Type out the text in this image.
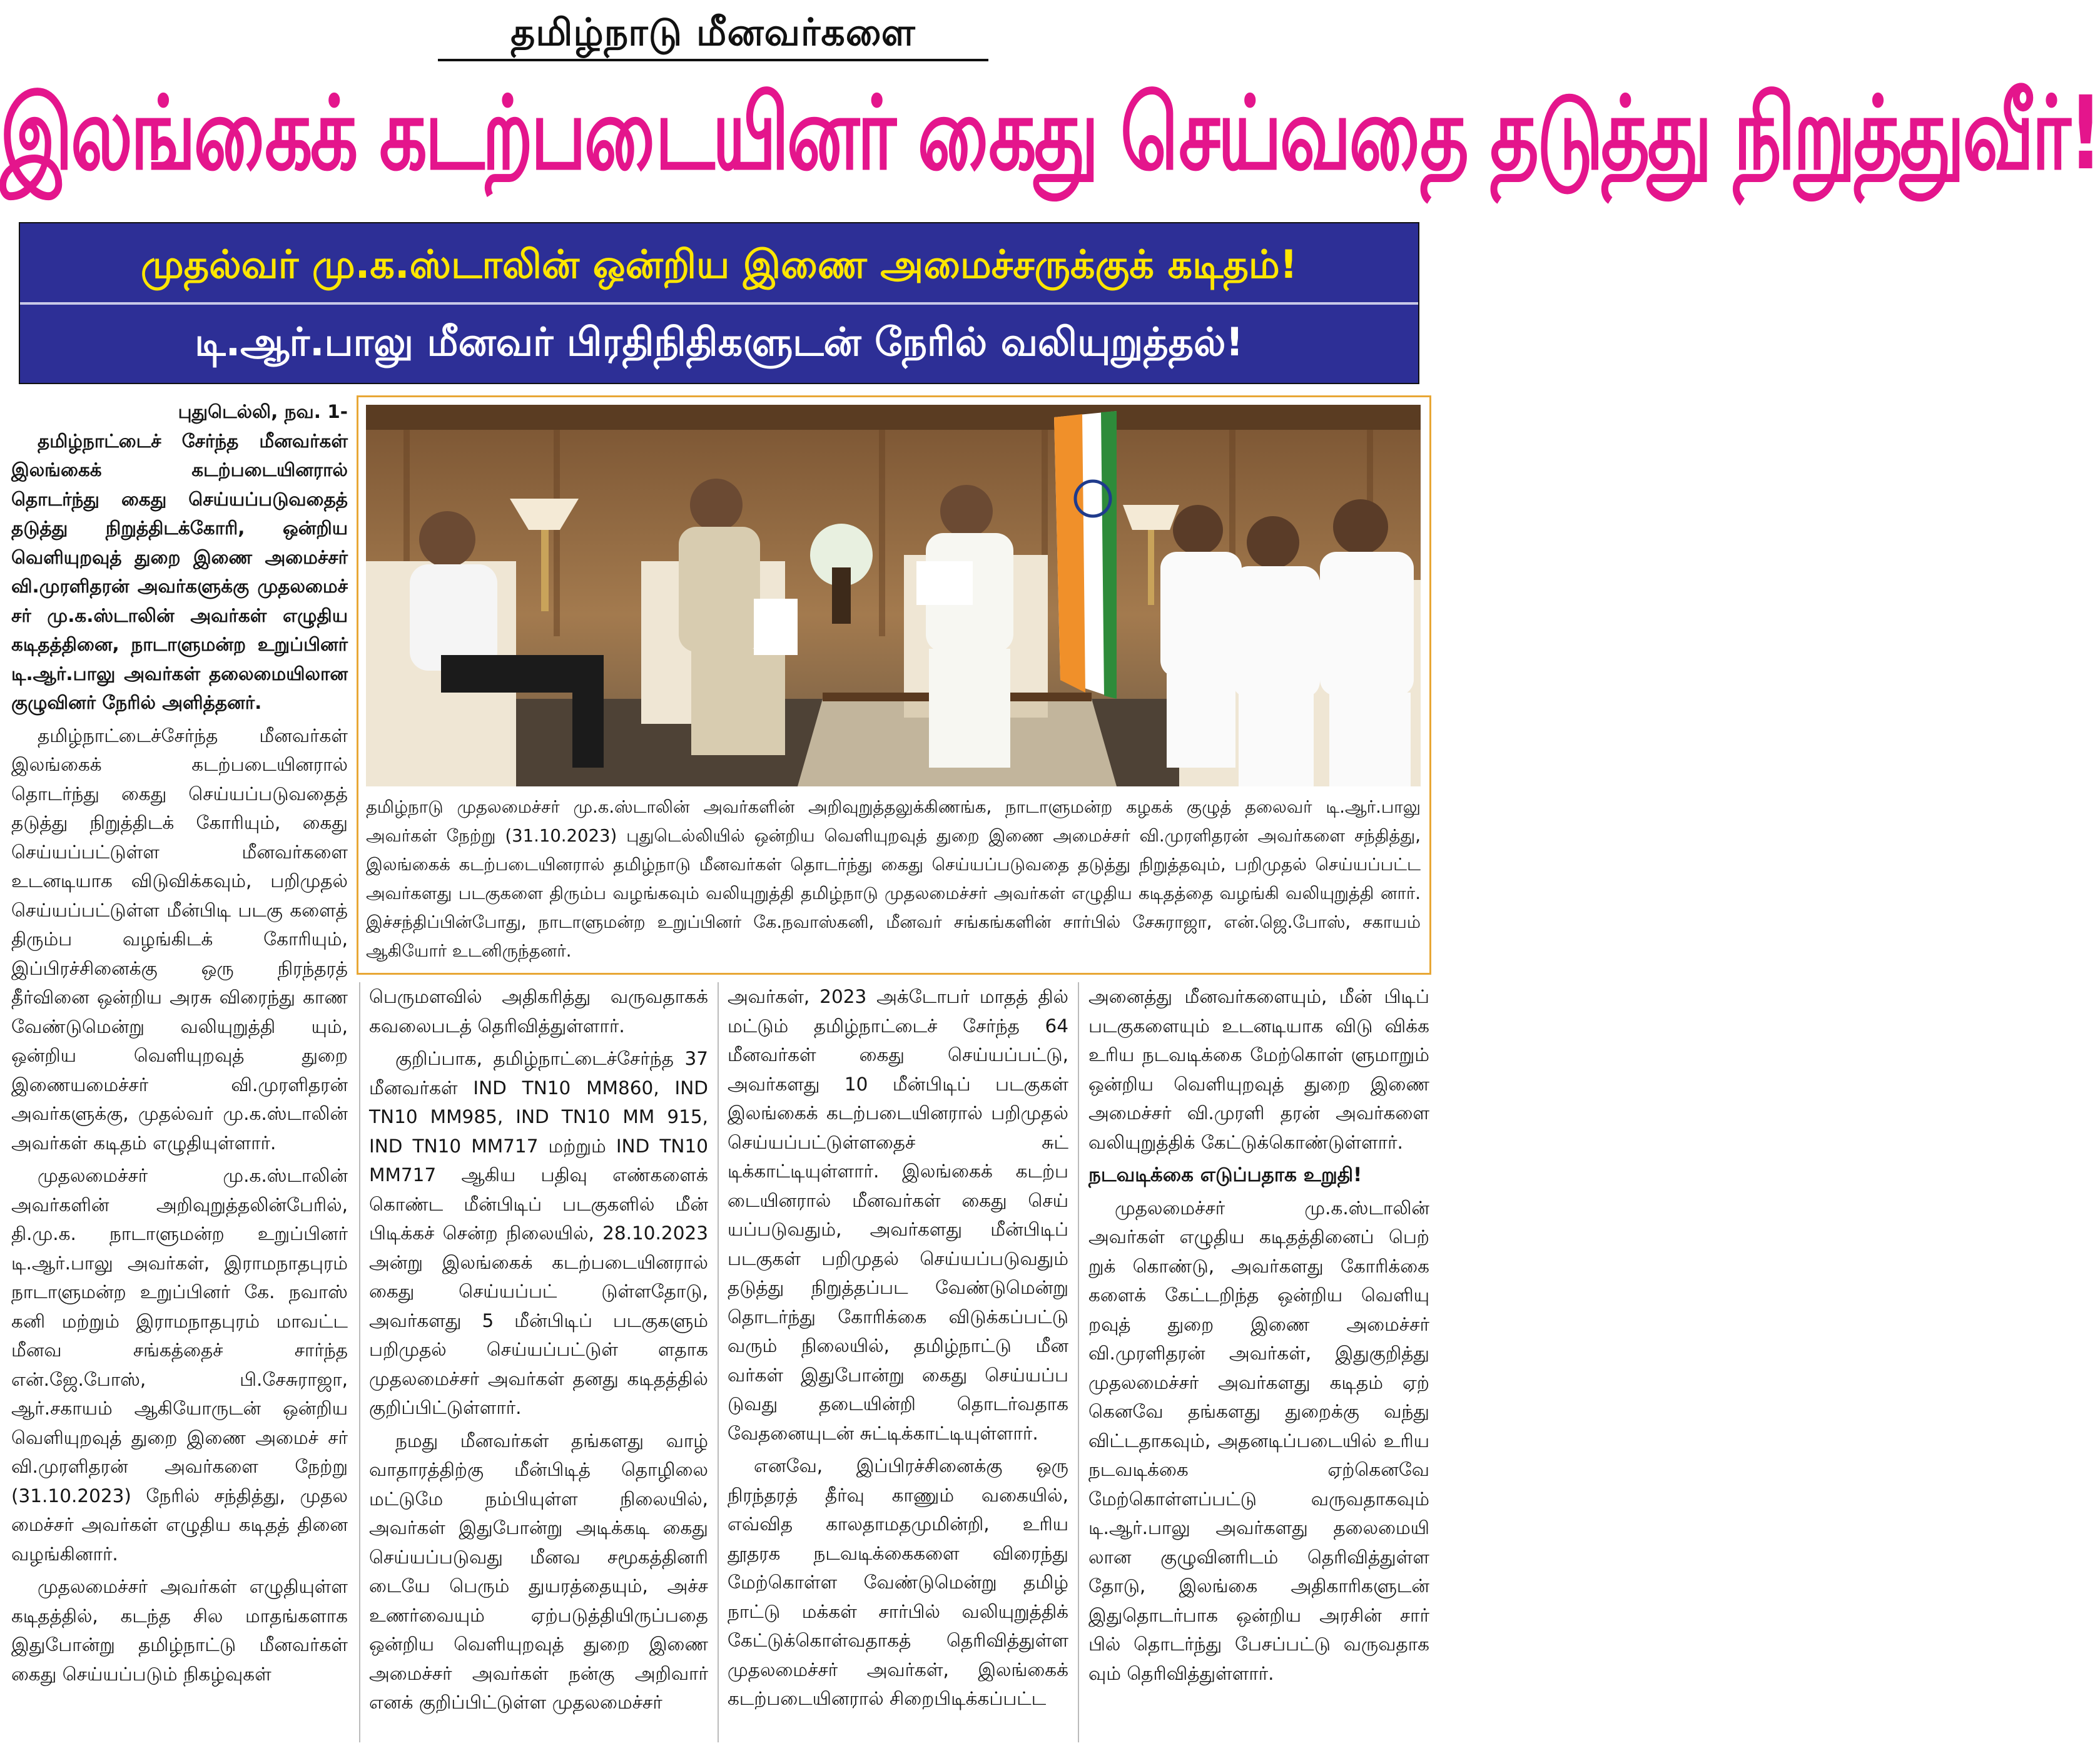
தமிழ்நாடு மீனவர்களை
இலங்கைக் கடற்படையினர் கைது செய்வதை தடுத்து நிறுத்துவீர்!
முதல்வர் மு.க.ஸ்டாலின் ஒன்றிய இணை அமைச்சருக்குக் கடிதம்!
டி.ஆர்.பாலு மீனவர் பிரதிநிதிகளுடன் நேரில் வலியுறுத்தல்!
புதுடெல்லி, நவ. 1-

தமிழ்நாட்டைச் சேர்ந்த மீனவர்கள் இலங்கைக் கடற்படையினரால் தொடர்ந்து கைது செய்யப்படுவதைத் தடுத்து நிறுத்திடக்கோரி, ஒன்றிய வெளியுறவுத் துறை இணை அமைச்சர் வி.முரளிதரன் அவர்களுக்கு முதலமைச் சர் மு.க.ஸ்டாலின் அவர்கள் எழுதிய கடிதத்தினை, நாடாளுமன்ற உறுப்பினர் டி.ஆர்.பாலு அவர்கள் தலைமையிலான குழுவினர் நேரில் அளித்தனர்.

தமிழ்நாட்டைச்சேர்ந்த மீனவர்கள் இலங்கைக் கடற்படையினரால் தொடர்ந்து கைது செய்யப்படுவதைத் தடுத்து நிறுத்திடக் கோரியும், கைது செய்யப்பட்டுள்ள மீனவர்களை உடனடியாக விடுவிக்கவும், பறிமுதல் செய்யப்பட்டுள்ள மீன்பிடி படகு களைத் திரும்ப வழங்கிடக் கோரியும், இப்பிரச்சினைக்கு ஒரு நிரந்தரத் தீர்வினை ஒன்றிய அரசு விரைந்து காண வேண்டுமென்று வலியுறுத்தி யும், ஒன்றிய வெளியுறவுத் துறை இணையமைச்சர் வி.முரளிதரன் அவர்களுக்கு, முதல்வர் மு.க.ஸ்டாலின் அவர்கள் கடிதம் எழுதியுள்ளார்.

முதலமைச்சர் மு.க.ஸ்டாலின் அவர்களின் அறிவுறுத்தலின்பேரில், தி.மு.க. நாடாளுமன்ற உறுப்பினர் டி.ஆர்.பாலு அவர்கள், இராமநாதபுரம் நாடாளுமன்ற உறுப்பினர் கே. நவாஸ் கனி மற்றும் இராமநாதபுரம் மாவட்ட மீனவ சங்கத்தைச் சார்ந்த என்.ஜே.போஸ், பி.சேசுராஜா, ஆர்.சகாயம் ஆகியோருடன் ஒன்றிய வெளியுறவுத் துறை இணை அமைச் சர் வி.முரளிதரன் அவர்களை நேற்று (31.10.2023) நேரில் சந்தித்து, முதல மைச்சர் அவர்கள் எழுதிய கடிதத் தினை வழங்கினார்.

முதலமைச்சர் அவர்கள் எழுதியுள்ள கடிதத்தில், கடந்த சில மாதங்களாக இதுபோன்று தமிழ்நாட்டு மீனவர்கள் கைது செய்யப்படும் நிகழ்வுகள்

தமிழ்நாடு முதலமைச்சர் மு.க.ஸ்டாலின் அவர்களின் அறிவுறுத்தலுக்கிணங்க, நாடாளுமன்ற கழகக் குழுத் தலைவர் டி.ஆர்.பாலு அவர்கள் நேற்று (31.10.2023) புதுடெல்லியில் ஒன்றிய வெளியுறவுத் துறை இணை அமைச்சர் வி.முரளிதரன் அவர்களை சந்தித்து, இலங்கைக் கடற்படையினரால் தமிழ்நாடு மீனவர்கள் தொடர்ந்து கைது செய்யப்படுவதை தடுத்து நிறுத்தவும், பறிமுதல் செய்யப்பட்ட அவர்களது படகுகளை திரும்ப வழங்கவும் வலியுறுத்தி தமிழ்நாடு முதலமைச்சர் அவர்கள் எழுதிய கடிதத்தை வழங்கி வலியுறுத்தி னார். இச்சந்திப்பின்போது, நாடாளுமன்ற உறுப்பினர் கே.நவாஸ்கனி, மீனவர் சங்கங்களின் சார்பில் சேசுராஜா, என்.ஜெ.போஸ், சகாயம் ஆகியோர் உடனிருந்தனர்.

பெருமளவில் அதிகரித்து வருவதாகக் கவலைபடத் தெரிவித்துள்ளார்.

குறிப்பாக, தமிழ்நாட்டைச்சேர்ந்த 37 மீனவர்கள் IND TN10 MM860, IND TN10 MM985, IND TN10 MM 915, IND TN10 MM717 மற்றும் IND TN10 MM717 ஆகிய பதிவு எண்களைக் கொண்ட மீன்பிடிப் படகுகளில் மீன் பிடிக்கச் சென்ற நிலையில், 28.10.2023 அன்று இலங்கைக் கடற்படையினரால் கைது செய்யப்பட் டுள்ளதோடு, அவர்களது 5 மீன்பிடிப் படகுகளும் பறிமுதல் செய்யப்பட்டுள் ளதாக முதலமைச்சர் அவர்கள் தனது கடிதத்தில் குறிப்பிட்டுள்ளார்.

நமது மீனவர்கள் தங்களது வாழ் வாதாரத்திற்கு மீன்பிடித் தொழிலை மட்டுமே நம்பியுள்ள நிலையில், அவர்கள் இதுபோன்று அடிக்கடி கைது செய்யப்படுவது மீனவ சமூகத்தினரி டையே பெரும் துயரத்தையும், அச்ச உணர்வையும் ஏற்படுத்தியிருப்பதை ஒன்றிய வெளியுறவுத் துறை இணை அமைச்சர் அவர்கள் நன்கு அறிவார் எனக் குறிப்பிட்டுள்ள முதலமைச்சர்

அவர்கள், 2023 அக்டோபர் மாதத் தில் மட்டும் தமிழ்நாட்டைச் சேர்ந்த 64 மீனவர்கள் கைது செய்யப்பட்டு, அவர்களது 10 மீன்பிடிப் படகுகள் இலங்கைக் கடற்படையினரால் பறிமுதல் செய்யப்பட்டுள்ளதைச் சுட் டிக்காட்டியுள்ளார். இலங்கைக் கடற்ப டையினரால் மீனவர்கள் கைது செய் யப்படுவதும், அவர்களது மீன்பிடிப் படகுகள் பறிமுதல் செய்யப்படுவதும் தடுத்து நிறுத்தப்பட வேண்டுமென்று தொடர்ந்து கோரிக்கை விடுக்கப்பட்டு வரும் நிலையில், தமிழ்நாட்டு மீன வர்கள் இதுபோன்று கைது செய்யப்ப டுவது தடையின்றி தொடர்வதாக வேதனையுடன் சுட்டிக்காட்டியுள்ளார்.

எனவே, இப்பிரச்சினைக்கு ஒரு நிரந்தரத் தீர்வு காணும் வகையில், எவ்வித காலதாமதமுமின்றி, உரிய தூதரக நடவடிக்கைகளை விரைந்து மேற்கொள்ள வேண்டுமென்று தமிழ் நாட்டு மக்கள் சார்பில் வலியுறுத்திக் கேட்டுக்கொள்வதாகத் தெரிவித்துள்ள முதலமைச்சர் அவர்கள், இலங்கைக் கடற்படையினரால் சிறைபிடிக்கப்பட்ட

அனைத்து மீனவர்களையும், மீன் பிடிப் படகுகளையும் உடனடியாக விடு விக்க உரிய நடவடிக்கை மேற்கொள் ளுமாறும் ஒன்றிய வெளியுறவுத் துறை இணை அமைச்சர் வி.முரளி தரன் அவர்களை வலியுறுத்திக் கேட்டுக்கொண்டுள்ளார்.

நடவடிக்கை எடுப்பதாக உறுதி!

முதலமைச்சர் மு.க.ஸ்டாலின் அவர்கள் எழுதிய கடிதத்தினைப் பெற் றுக் கொண்டு, அவர்களது கோரிக்கை களைக் கேட்டறிந்த ஒன்றிய வெளியு றவுத் துறை இணை அமைச்சர் வி.முரளிதரன் அவர்கள், இதுகுறித்து முதலமைச்சர் அவர்களது கடிதம் ஏற் கெனவே தங்களது துறைக்கு வந்து விட்டதாகவும், அதனடிப்படையில் உரிய நடவடிக்கை ஏற்கெனவே மேற்கொள்ளப்பட்டு வருவதாகவும் டி.ஆர்.பாலு அவர்களது தலைமையி லான குழுவினரிடம் தெரிவித்துள்ள தோடு, இலங்கை அதிகாரிகளுடன் இதுதொடர்பாக ஒன்றிய அரசின் சார் பில் தொடர்ந்து பேசப்பட்டு வருவதாக வும் தெரிவித்துள்ளார்.
